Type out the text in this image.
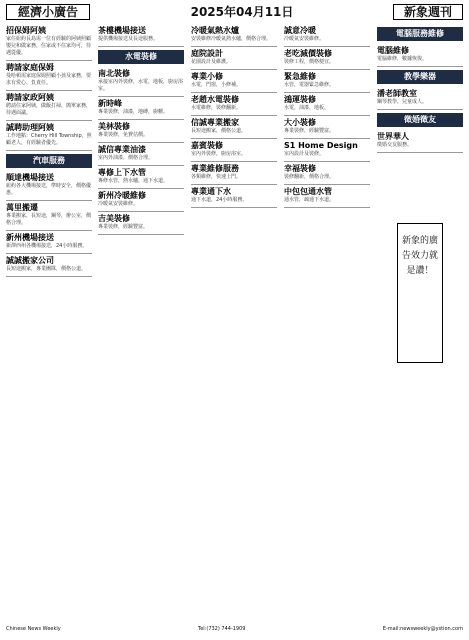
經濟小廣告	2025年04月11日	新象週刊
招保姆阿姨
家住紐約長島需一位有經驗的阿姨照顧嬰兒和做家務，住家或不住家均可，待遇從優。
聘請家庭保姆
曼哈頓需家庭保姆照顧小孩及家務，要求有愛心、負責任。
聘請家政阿姨
聘請住家阿姨，做飯打掃，簡單家務，待遇面議。
誠聘助理阿姨
工作地點：Cherry Hill Township，照顧老人，有經驗者優先。
汽車服務
順達機場接送
紐約各大機場接送，準時安全，價格優惠。
萬里搬遷
專業搬家，長短途，鋼琴，辦公室，價格合理。
新州機場接送
新澤西州各機場接送，24小時服務。
誠誠搬家公司
長短途搬家，專業團隊，價格公道。
茶樓機場接送
提供機場接送及長途服務。
水電裝修
南北裝修
承接室內外裝修，水電，地板，廚房浴室。
新時峰
專業裝修，油漆，地磚，廚櫃。
美林裝修
專業裝修，免費估價。
誠信專業油漆
室內外油漆，價格合理。
專修上下水管
專修水管，熱水爐，通下水道。
新州冷暖維修
冷暖氣安裝維修。
吉美裝修
專業裝修，經驗豐富。
冷暖氣熱水爐
安裝維修冷暖氣熱水爐，價格合理。
庭院設計
花園設計及維護。
專業小修
水電，門窗，小修補。
老趙水電裝修
水電維修，裝修翻新。
信誠專業搬家
長短途搬家，價格公道。
嘉賓裝修
室內外裝修，廚房浴室。
專業維修服務
各類維修，快速上門。
專業通下水
通下水道，24小時服務。
誠意冷暖
冷暖氣安裝維修。
老吃減價裝修
裝修工程，價格便宜。
緊急維修
水管，電器緊急維修。
鴻運裝修
水電，油漆，地板。
大小裝修
專業裝修，經驗豐富。
S1 Home Design
室內設計及裝修。
幸福裝修
裝修翻新，價格合理。
中包包通水管
通水管，疏通下水道。
電腦服務維修
電腦維修
電腦維修，數據恢復。
教學樂器
潘老師教室
鋼琴教學，兒童成人。
徵婚徵友
世界華人
徵婚交友服務。
新象的廣告效力就是讚！
Chinese News Weekly	Tel:(732) 744-1909	E-mail:newsweekly@ystion.com
